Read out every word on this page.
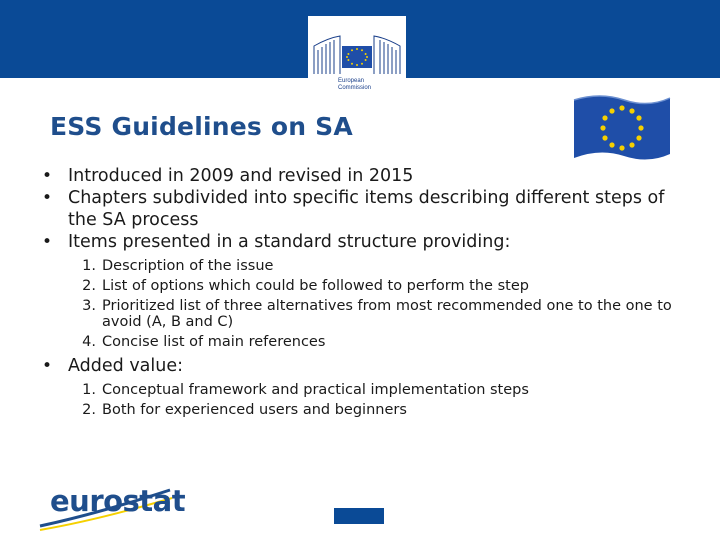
European
Commission
ESS Guidelines on SA
• Introduced in 2009 and revised in 2015
• Chapters subdivided into specific items describing different steps of the SA process
• Items presented in a standard structure providing:
1. Description of the issue
2. List of options which could be followed to perform the step
3. Prioritized list of three alternatives from most recommended one to the one to avoid (A, B and C)
4. Concise list of main references
• Added value:
1. Conceptual framework and practical implementation steps
2. Both for experienced users and beginners
eurostat
